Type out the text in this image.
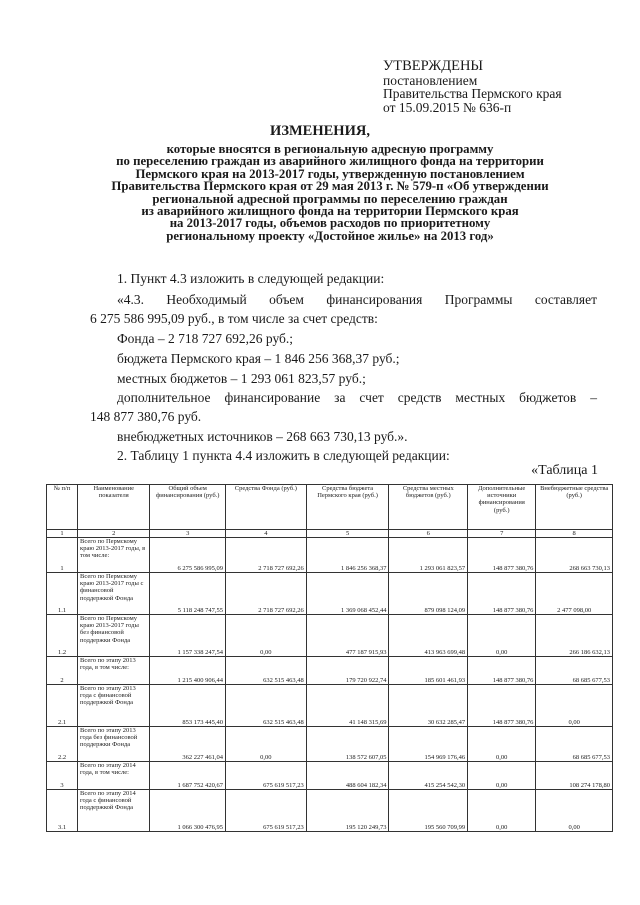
УТВЕРЖДЕНЫ
постановлением
Правительства Пермского края
от 15.09.2015 № 636-п
ИЗМЕНЕНИЯ,
которые вносятся в региональную адресную программу
по переселению граждан из аварийного жилищного фонда на территории
Пермского края на 2013-2017 годы, утвержденную постановлением
Правительства Пермского края от 29 мая 2013 г. № 579-п «Об утверждении
региональной адресной программы по переселению граждан
из аварийного жилищного фонда на территории Пермского края
на 2013-2017 годы, объемов расходов по приоритетному
региональному проекту «Достойное жилье» на 2013 год»
1. Пункт 4.3 изложить в следующей редакции:
«4.3. Необходимый объем финансирования Программы составляет
6 275 586 995,09 руб., в том числе за счет средств:
Фонда – 2 718 727 692,26 руб.;
бюджета Пермского края – 1 846 256 368,37 руб.;
местных бюджетов – 1 293 061 823,57 руб.;
дополнительное финансирование за счет средств местных бюджетов –
148 877 380,76 руб.
внебюджетных источников – 268 663 730,13 руб.».
2. Таблицу 1 пункта 4.4 изложить в следующей редакции:
«Таблица 1
№ п/п	Наименование показателя	Общий объем финансирования (руб.)	Средства Фонда (руб.)	Средства бюджета Пермского края (руб.)	Средства местных бюджетов (руб.)	Дополнительные источники финансирования (руб.)	Внебюджетные средства (руб.)
1	2	3	4	5	6	7	8
1	Всего по Пермскому краю 2013-2017 годы, в том числе:	6 275 586 995,09	2 718 727 692,26	1 846 256 368,37	1 293 061 823,57	148 877 380,76	268 663 730,13
1.1	Всего по Пермскому краю 2013-2017 годы с финансовой поддержкой Фонда	5 118 248 747,55	2 718 727 692,26	1 369 068 452,44	879 098 124,09	148 877 380,76	2 477 098,00
1.2	Всего по Пермскому краю 2013-2017 годы без финансовой поддержки Фонда	1 157 338 247,54	0,00	477 187 915,93	413 963 699,48	0,00	266 186 632,13
2	Всего по этапу 2013 года, в том числе:	1 215 400 906,44	632 515 463,48	179 720 922,74	185 601 461,93	148 877 380,76	68 685 677,53
2.1	Всего по этапу 2013 года с финансовой поддержкой Фонда	853 173 445,40	632 515 463,48	41 148 315,69	30 632 285,47	148 877 380,76	0,00
2.2	Всего по этапу 2013 года без финансовой поддержки Фонда	362 227 461,04	0,00	138 572 607,05	154 969 176,46	0,00	68 685 677,53
3	Всего по этапу 2014 года, в том числе:	1 687 752 420,67	675 619 517,23	488 604 182,34	415 254 542,30	0,00	108 274 178,80
3.1	Всего по этапу 2014 года с финансовой поддержкой Фонда	1 066 300 476,95	675 619 517,23	195 120 249,73	195 560 709,99	0,00	0,00
